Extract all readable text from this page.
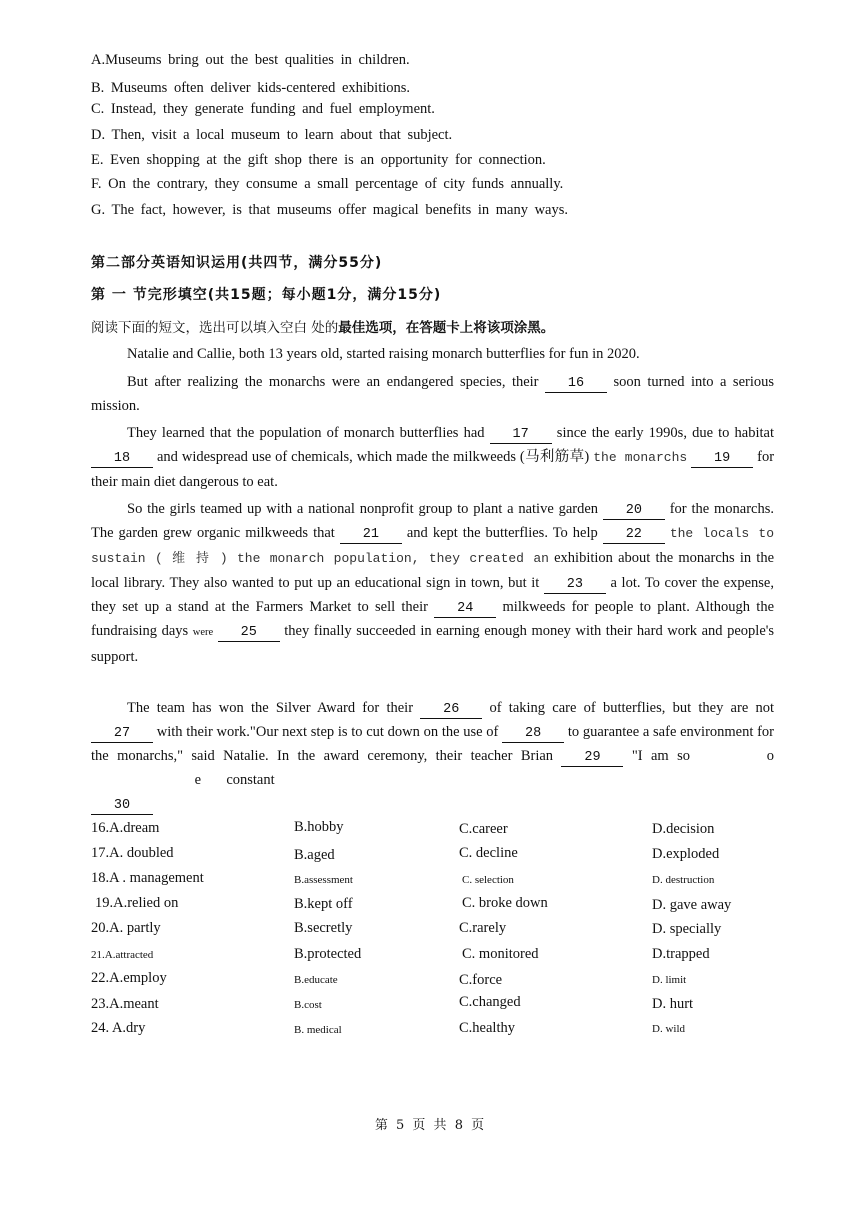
A.Museums bring out the best qualities in children.
B. Museums often deliver kids-centered exhibitions.
C. Instead, they generate funding and fuel employment.
D. Then, visit a local museum to learn about that subject.
E. Even shopping at the gift shop there is an opportunity for connection.
F. On the contrary, they consume a small percentage of city funds annually.
G. The fact, however, is that museums offer magical benefits in many ways.
第二部分英语知识运用(共四节，满分55分)
第 一 节完形填空(共15题；每小题1分，满分15分)
阅读下面的短文，选出可以填入空白 处的最佳选项，在答题卡上将该项涂黑。
Natalie and Callie, both 13 years old, started raising monarch butterflies for fun in 2020.
But after realizing the monarchs were an endangered species, their 16 soon turned into a serious mission.
They learned that the population of monarch butterflies had 17 since the early 1990s, due to habitat 18 and widespread use of chemicals, which made the milkweeds (马利筋草) the monarchs 19 for their main diet dangerous to eat.
So the girls teamed up with a national nonprofit group to plant a native garden 20 for the monarchs. The garden grew organic milkweeds that 21 and kept the butterflies. To help 22 the locals to sustain ( 维 持 ) the monarch population, they created an exhibition about the monarchs in the local library. They also wanted to put up an educational sign in town, but it 23 a lot. To cover the expense, they set up a stand at the Farmers Market to sell their 24 milkweeds for people to plant. Although the fundraising days were 25 they finally succeeded in earning enough money with their hard work and people's support.
The team has won the Silver Award for their 26 of taking care of butterflies, but they are not 27 with their work."Our next step is to cut down on the use of 28 to guarantee a safe environment for the monarchs," said Natalie. In the award ceremony, their teacher Brian 29 "I am so	o  e constant
30
16.A.dream	B.hobby	C.career	D.decision
17.A. doubled	B.aged	C. decline	D.exploded
18.A . management	B.assessment	C. selection	D. destruction
19.A.relied on	B.kept off	C. broke down	D. gave away
20.A. partly	B.secretly	C.rarely	D. specially
21.A.attracted	B.protected	C. monitored	D.trapped
22.A.employ	B.educate	C.force	D. limit
23.A.meant	B.cost	C.changed	D. hurt
24. A.dry	B. medical	C.healthy	D. wild
第 5 页 共 8 页
